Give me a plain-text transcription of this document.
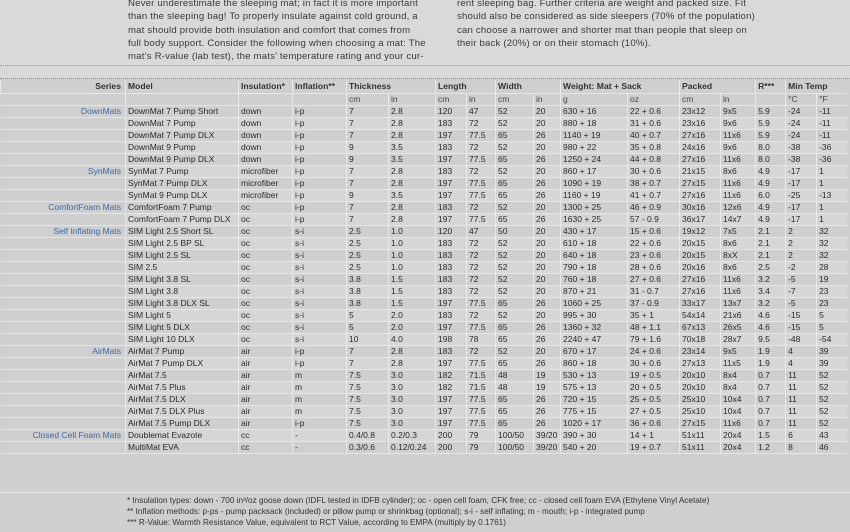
Never underestimate the sleeping mat; in fact it is more important
than the sleeping bag! To properly insulate against cold ground, a
mat should provide both insulation and comfort that comes from
full body support. Consider the following when choosing a mat: The
mat’s R-value (lab test), the mats’ temperature rating and your cur-
rent sleeping bag. Further criteria are weight and packed size. Fit
should also be considered as side sleepers (70% of the population)
can choose a narrower and shorter mat than people that sleep on
their back (20%) or on their stomach (10%).
Series	Model	Insulation*	Inflation**	Thickness		Length		Width		Weight: Mat + Sack		Packed		R***	Min Temp	
				cm	in	cm	in	cm	in	g	oz	cm	in		°C	°F
DownMats	DownMat 7 Pump Short	down	i-p	7	2.8	120	47	52	20	630 + 16	22 + 0.6	23x12	9x5	5.9	-24	-11
	DownMat 7 Pump	down	i-p	7	2.8	183	72	52	20	880 + 18	31 + 0.6	23x16	9x6	5.9	-24	-11
	DownMat 7 Pump DLX	down	i-p	7	2.8	197	77.5	65	26	1140 + 19	40 + 0.7	27x16	11x6	5.9	-24	-11
	DownMat 9 Pump	down	i-p	9	3.5	183	72	52	20	980 + 22	35 + 0.8	24x16	9x6	8.0	-38	-36
	DownMat 9 Pump DLX	down	i-p	9	3.5	197	77.5	65	26	1250 + 24	44 + 0.8	27x16	11x6	8.0	-38	-36
SynMats	SynMat 7 Pump	microfiber	i-p	7	2.8	183	72	52	20	860 + 17	30 + 0.6	21x15	8x6	4.9	-17	1
	SynMat 7 Pump DLX	microfiber	i-p	7	2.8	197	77.5	65	26	1090 + 19	38 + 0.7	27x15	11x6	4.9	-17	1
	SynMat 9 Pump DLX	microfiber	i-p	9	3.5	197	77.5	65	26	1160 + 19	41 + 0.7	27x16	11x6	6.0	-25	-13
ComfortFoam Mats	ComfortFoam 7 Pump	oc	i-p	7	2.8	183	72	52	20	1300 + 25	46 + 0.9	30x16	12x6	4.9	-17	1
	ComfortFoam 7 Pump DLX	oc	i-p	7	2.8	197	77.5	65	26	1630 + 25	57 - 0.9	36x17	14x7	4.9	-17	1
Self Inflating Mats	SIM Light 2.5 Short SL	oc	s-i	2.5	1.0	120	47	50	20	430 + 17	15 + 0.6	19x12	7x5	2.1	2	32
	SIM Light 2.5 BP SL	oc	s-i	2.5	1.0	183	72	52	20	610 + 18	22 + 0.6	20x15	8x6	2.1	2	32
	SIM Light 2.5 SL	oc	s-i	2.5	1.0	183	72	52	20	640 + 18	23 + 0.6	20x15	8xX	2.1	2	32
	SIM 2.5	oc	s-i	2.5	1.0	183	72	52	20	790 + 18	28 + 0.6	20x16	8x6	2.5	-2	28
	SIM Light 3.8 SL	oc	s-i	3.8	1.5	183	72	52	20	760 + 18	27 + 0.6	27x16	11x6	3.2	-5	19
	SIM Light 3.8	oc	s-i	3.8	1.5	183	72	52	20	870 + 21	31 - 0.7	27x16	11x6	3.4	-7	23
	SIM Light 3.8 DLX SL	oc	s-i	3.8	1.5	197	77.5	65	26	1060 + 25	37 - 0.9	33x17	13x7	3.2	-5	23
	SIM Light 5	oc	s-i	5	2.0	183	72	52	20	995 + 30	35 + 1	54x14	21x6	4.6	-15	5
	SIM Light 5 DLX	oc	s-i	5	2.0	197	77.5	65	26	1360 + 32	48 + 1.1	67x13	26x5	4.6	-15	5
	SIM Light 10 DLX	oc	s-i	10	4.0	198	78	65	26	2240 + 47	79 + 1.6	70x18	28x7	9.5	-48	-54
AirMats	AirMat 7 Pump	air	i-p	7	2.8	183	72	52	20	670 + 17	24 + 0.6	23x14	9x5	1.9	4	39
	AirMat 7 Pump DLX	air	i-p	7	2.8	197	77.5	65	26	860 + 18	30 + 0.6	27x13	11x5	1.9	4	39
	AirMat 7.5	air	m	7.5	3.0	182	71.5	48	19	530 + 13	19 + 0.5	20x10	8x4	0.7	11	52
	AirMat 7.5 Plus	air	m	7.5	3.0	182	71.5	48	19	575 + 13	20 + 0.5	20x10	8x4	0.7	11	52
	AirMat 7.5 DLX	air	m	7.5	3.0	197	77.5	65	26	720 + 15	25 + 0.5	25x10	10x4	0.7	11	52
	AirMat 7.5 DLX Plus	air	m	7.5	3.0	197	77.5	65	26	775 + 15	27 + 0.5	25x10	10x4	0.7	11	52
	AirMat 7.5 Pump DLX	air	i-p	7.5	3.0	197	77.5	65	26	1020 + 17	36 + 0.6	27x15	11x6	0.7	11	52
Closed Cell Foam Mats	Doublemat Evazote	cc	-	0.4/0.8	0.2/0.3	200	79	100/50	39/20	390 + 30	14 + 1	51x11	20x4	1.5	6	43
	MultiMat EVA	cc	-	0.3/0.6	0.12/0.24	200	79	100/50	39/20	540 + 20	19 + 0.7	51x11	20x4	1.2	8	46
* Insulation types: down - 700 in³/oz goose down (IDFL tested in IDFB cylinder); oc - open cell foam, CFK free; cc - closed cell foam EVA (Ethylene Vinyl Acetate)
** Inflation methods: p-ps - pump packsack (included) or pillow pump or shrinkbag (optional); s-i - self inflating; m - mouth; i-p - integrated pump
*** R-Value: Warmth Resistance Value, equivalent to RCT Value, according to EMPA (multiply by 0.1761)
